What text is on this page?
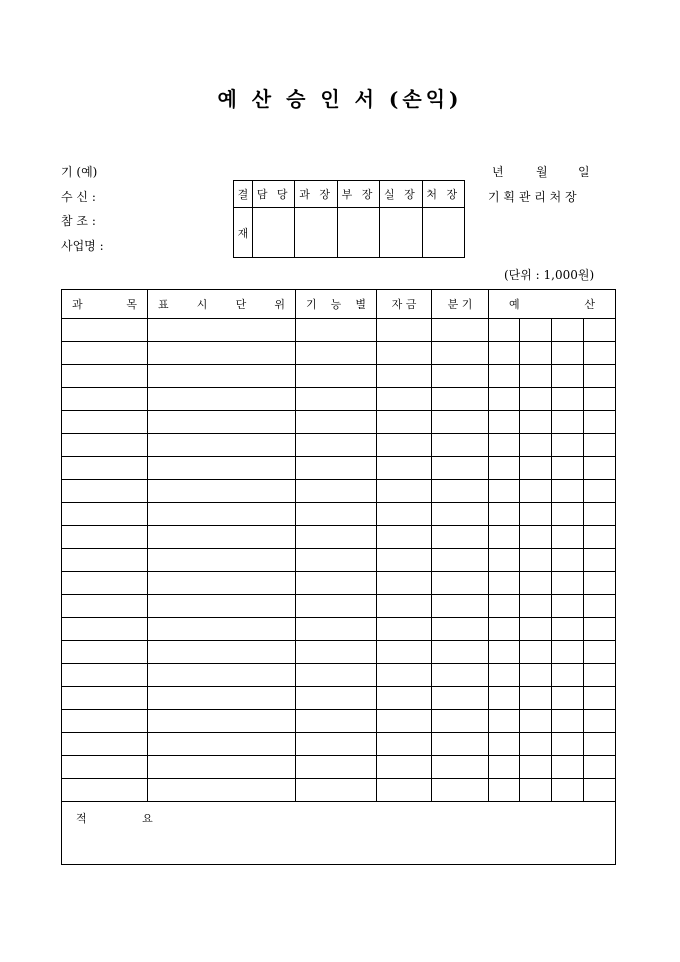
예 산 승 인 서 (손익)
기 (예)
수 신 :
참 조 :
사업명 :
년	월	일
기 획 관 리 처 장
결	담 당	과 장	부 장	실 장	처 장
재					
(단위 : 1,000원)
과 목	표 시 단 위	기 능 별	자 금	분 기	예 산			

적 요								
